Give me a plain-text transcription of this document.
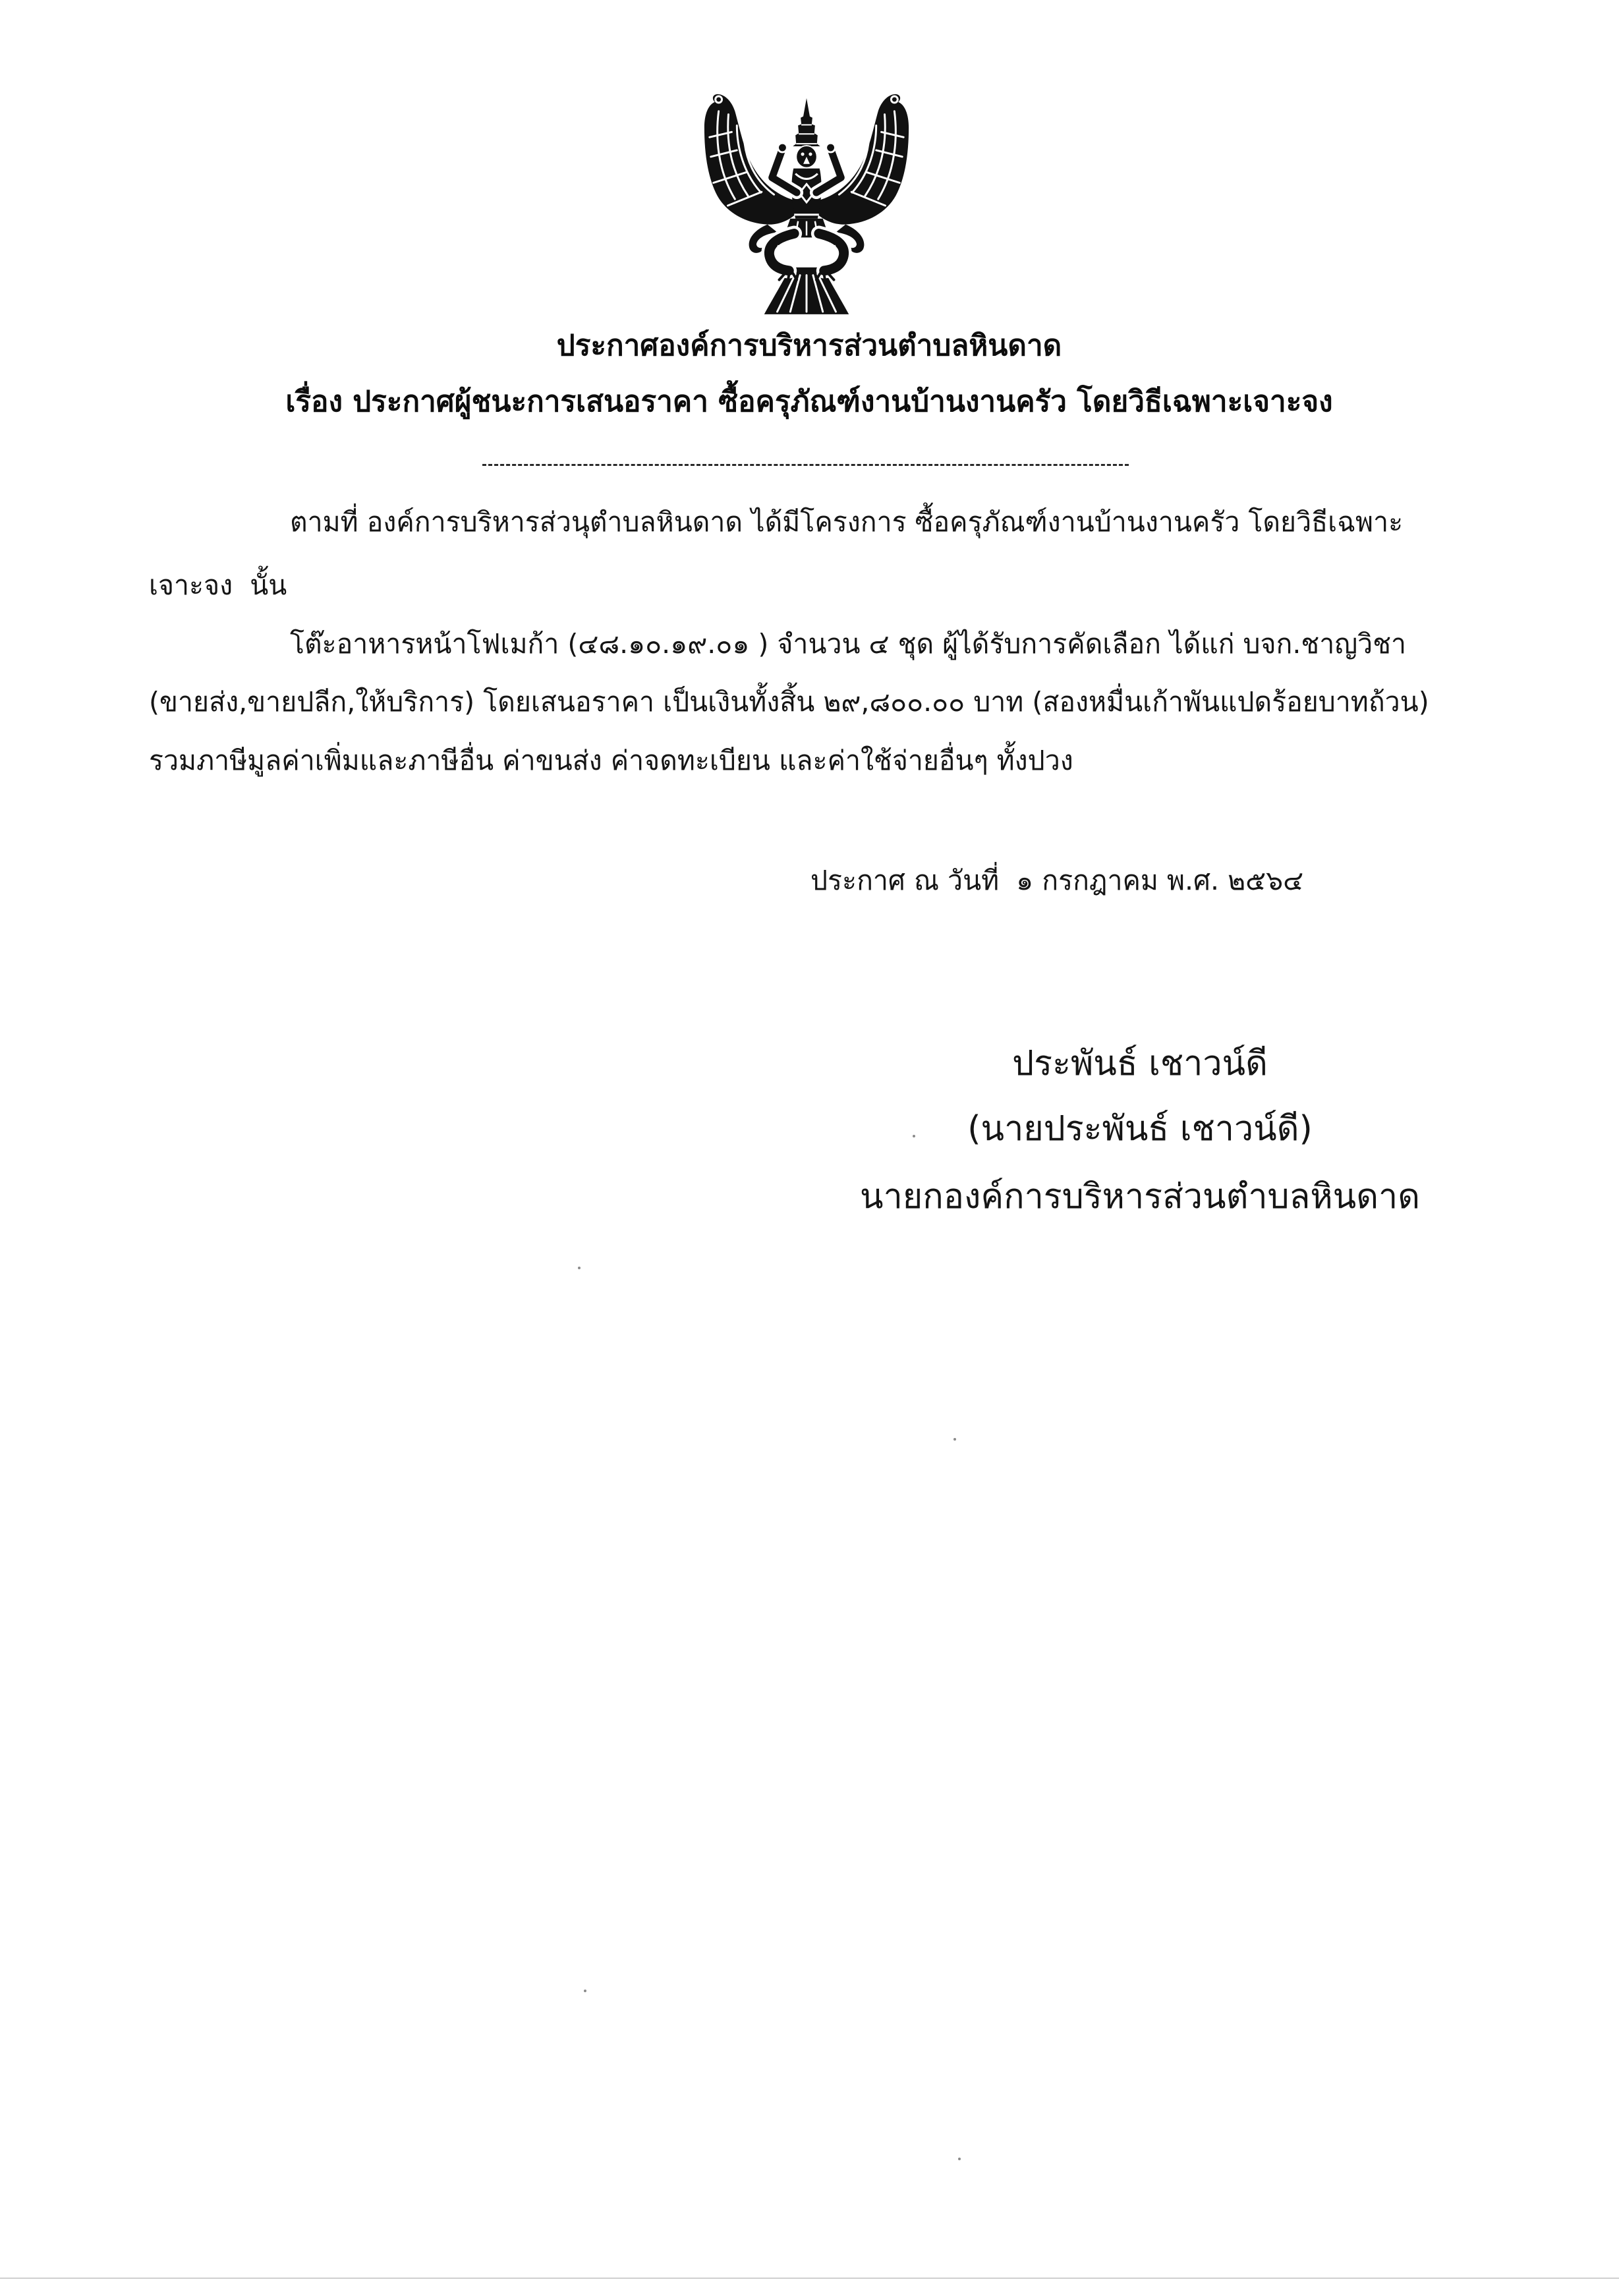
ประกาศองค์การบริหารส่วนตำบลหินดาด
เรื่อง ประกาศผู้ชนะการเสนอราคา ซื้อครุภัณฑ์งานบ้านงานครัว โดยวิธีเฉพาะเจาะจง
ตามที่ องค์การบริหารส่วนุตำบลหินดาด ได้มีโครงการ ซื้อครุภัณฑ์งานบ้านงานครัว โดยวิธีเฉพาะ
เจาะจง  นั้น
โต๊ะอาหารหน้าโฟเมก้า (๔๘.๑๐.๑๙.๐๑ ) จำนวน ๔ ชุด ผู้ได้รับการคัดเลือก ได้แก่ บจก.ชาญวิชา
(ขายส่ง,ขายปลีก,ให้บริการ) โดยเสนอราคา เป็นเงินทั้งสิ้น ๒๙,๘๐๐.๐๐ บาท (สองหมื่นเก้าพันแปดร้อยบาทถ้วน)
รวมภาษีมูลค่าเพิ่มและภาษีอื่น ค่าขนส่ง ค่าจดทะเบียน และค่าใช้จ่ายอื่นๆ ทั้งปวง
ประกาศ ณ วันที่  ๑ กรกฎาคม พ.ศ. ๒๕๖๔
ประพันธ์ เชาวน์ดี
(นายประพันธ์ เชาวน์ดี)
นายกองค์การบริหารส่วนตำบลหินดาด
